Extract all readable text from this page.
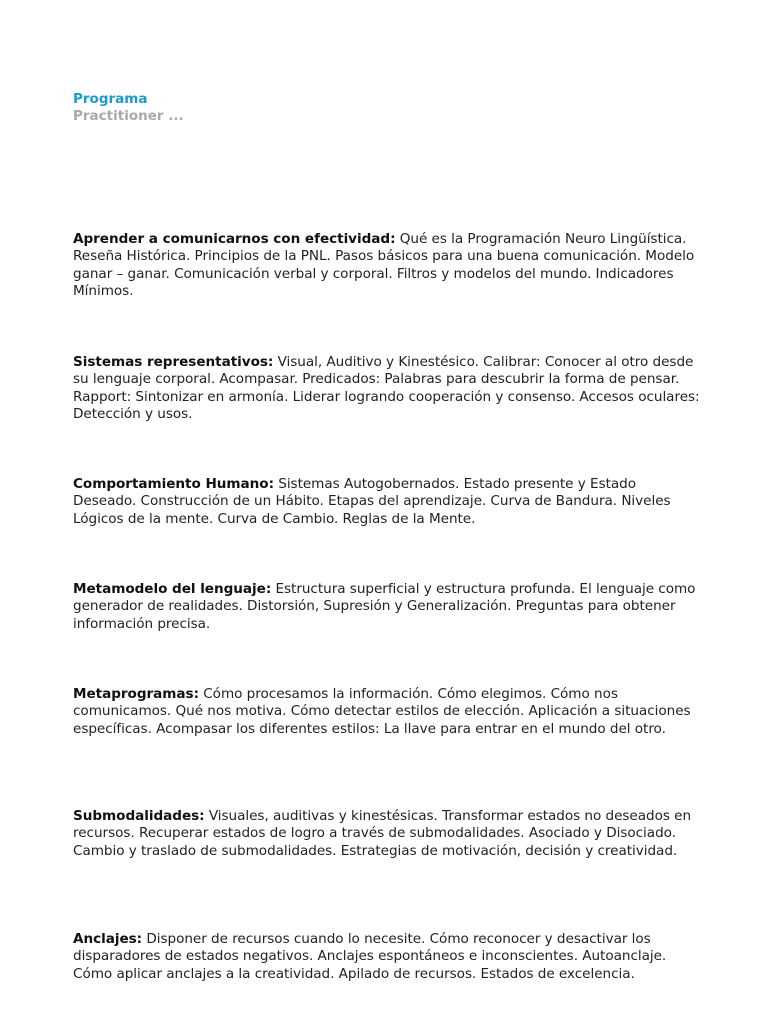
Programa
Practitioner ...

Aprender a comunicarnos con efectividad: Qué es la Programación Neuro Lingüística. Reseña Histórica. Principios de la PNL. Pasos básicos para una buena comunicación. Modelo ganar – ganar. Comunicación verbal y corporal. Filtros y modelos del mundo. Indicadores Mínimos.

Sistemas representativos: Visual, Auditivo y Kinestésico. Calibrar: Conocer al otro desde su lenguaje corporal. Acompasar. Predicados: Palabras para descubrir la forma de pensar. Rapport: Sintonizar en armonía. Liderar logrando cooperación y consenso. Accesos oculares: Detección y usos.

Comportamiento Humano: Sistemas Autogobernados. Estado presente y Estado Deseado. Construcción de un Hábito. Etapas del aprendizaje. Curva de Bandura. Niveles Lógicos de la mente. Curva de Cambio. Reglas de la Mente.

Metamodelo del lenguaje: Estructura superficial y estructura profunda. El lenguaje como generador de realidades. Distorsión, Supresión y Generalización. Preguntas para obtener información precisa.

Metaprogramas: Cómo procesamos la información. Cómo elegimos. Cómo nos comunicamos. Qué nos motiva. Cómo detectar estilos de elección. Aplicación a situaciones específicas. Acompasar los diferentes estilos: La llave para entrar en el mundo del otro.

Submodalidades: Visuales, auditivas y kinestésicas. Transformar estados no deseados en recursos. Recuperar estados de logro a través de submodalidades. Asociado y Disociado. Cambio y traslado de submodalidades. Estrategias de motivación, decisión y creatividad.

Anclajes: Disponer de recursos cuando lo necesite. Cómo reconocer y desactivar los disparadores de estados negativos. Anclajes espontáneos e inconscientes. Autoanclaje. Cómo aplicar anclajes a la creatividad. Apilado de recursos. Estados de excelencia.
